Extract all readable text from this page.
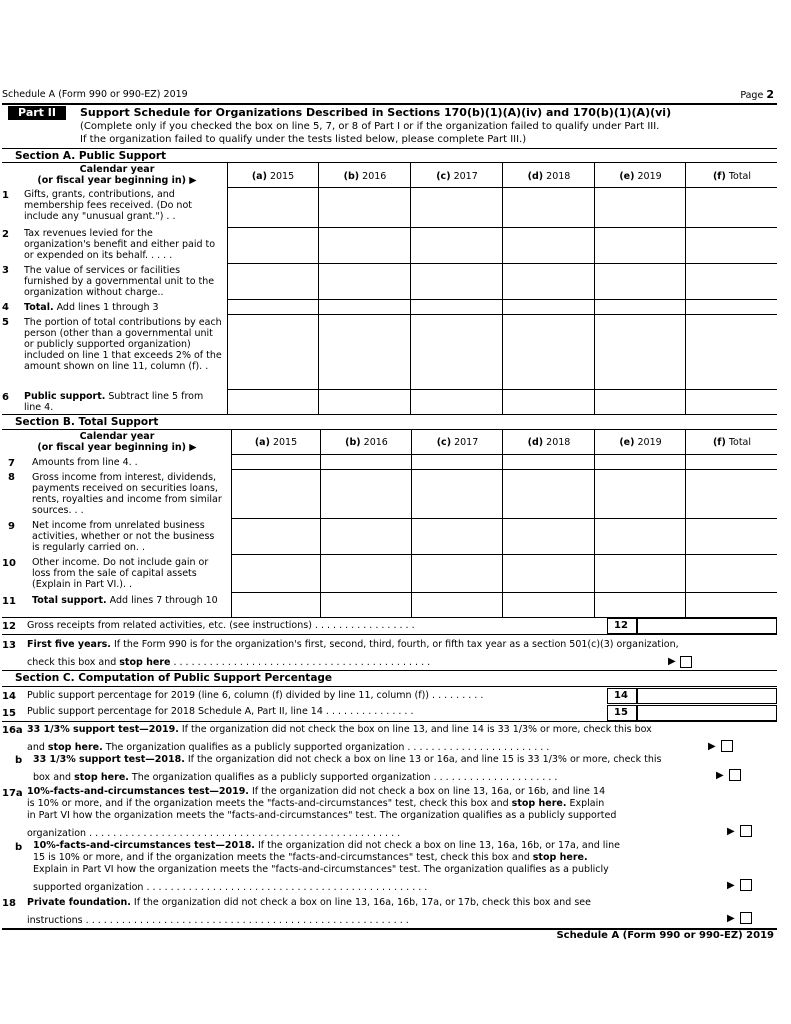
Schedule A (Form 990 or 990-EZ) 2019	Page 2
Part II	Support Schedule for Organizations Described in Sections 170(b)(1)(A)(iv) and 170(b)(1)(A)(vi)
(Complete only if you checked the box on line 5, 7, or 8 of Part I or if the organization failed to qualify under Part III.
If the organization failed to qualify under the tests listed below, please complete Part III.)
Section A. Public Support
Calendar year
(or fiscal year beginning in) ▶	(a) 2015	(b) 2016	(c) 2017	(d) 2018	(e) 2019	(f) Total
1 Gifts, grants, contributions, and membership fees received. (Do not include any "unusual grant.") . .
2 Tax revenues levied for the organization's benefit and either paid to or expended on its behalf. . . . .
3 The value of services or facilities furnished by a governmental unit to the organization without charge..
4 Total. Add lines 1 through 3
5 The portion of total contributions by each person (other than a governmental unit or publicly supported organization) included on line 1 that exceeds 2% of the amount shown on line 11, column (f). .
6 Public support. Subtract line 5 from line 4.
Section B. Total Support
Calendar year
(or fiscal year beginning in) ▶	(a) 2015	(b) 2016	(c) 2017	(d) 2018	(e) 2019	(f) Total
7 Amounts from line 4. .
8 Gross income from interest, dividends, payments received on securities loans, rents, royalties and income from similar sources. . .
9 Net income from unrelated business activities, whether or not the business is regularly carried on. .
10 Other income. Do not include gain or loss from the sale of capital assets (Explain in Part VI.). .
11 Total support. Add lines 7 through 10
12 Gross receipts from related activities, etc. (see instructions) . . . . . . . . . . . . . . . . .	12
13 First five years. If the Form 990 is for the organization's first, second, third, fourth, or fifth tax year as a section 501(c)(3) organization,
check this box and stop here . . . . . . . . . . . . . . . . . . . . . . . . . . . . . . . . . . . . . . . . . . .	▶
Section C. Computation of Public Support Percentage
14 Public support percentage for 2019 (line 6, column (f) divided by line 11, column (f)) . . . . . . . . .	14
15 Public support percentage for 2018 Schedule A, Part II, line 14 . . . . . . . . . . . . . . .	15
16a 33 1/3% support test—2019. If the organization did not check the box on line 13, and line 14 is 33 1/3% or more, check this box
and stop here. The organization qualifies as a publicly supported organization . . . . . . . . . . . . . . . . . . . . . . . .	▶
b 33 1/3% support test—2018. If the organization did not check a box on line 13 or 16a, and line 15 is 33 1/3% or more, check this
box and stop here. The organization qualifies as a publicly supported organization . . . . . . . . . . . . . . . . . . . . .	▶
17a 10%-facts-and-circumstances test—2019. If the organization did not check a box on line 13, 16a, or 16b, and line 14
is 10% or more, and if the organization meets the "facts-and-circumstances" test, check this box and stop here. Explain
in Part VI how the organization meets the "facts-and-circumstances" test. The organization qualifies as a publicly supported
organization . . . . . . . . . . . . . . . . . . . . . . . . . . . . . . . . . . . . . . . . . . . . . . . . . . . .	▶
b 10%-facts-and-circumstances test—2018. If the organization did not check a box on line 13, 16a, 16b, or 17a, and line
15 is 10% or more, and if the organization meets the "facts-and-circumstances" test, check this box and stop here.
Explain in Part VI how the organization meets the "facts-and-circumstances" test. The organization qualifies as a publicly
supported organization . . . . . . . . . . . . . . . . . . . . . . . . . . . . . . . . . . . . . . . . . . . . . . .	▶
18 Private foundation. If the organization did not check a box on line 13, 16a, 16b, 17a, or 17b, check this box and see
instructions . . . . . . . . . . . . . . . . . . . . . . . . . . . . . . . . . . . . . . . . . . . . . . . . . . . . . .	▶
Schedule A (Form 990 or 990-EZ) 2019
